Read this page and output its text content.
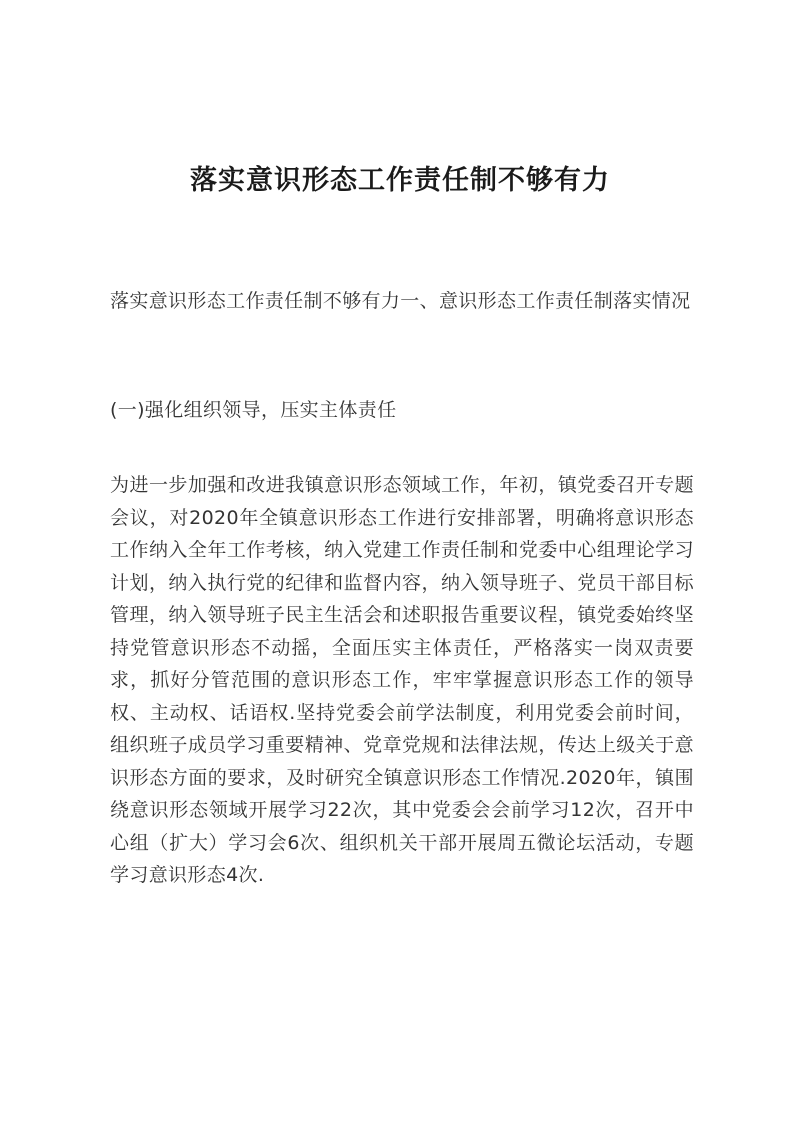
落实意识形态工作责任制不够有力

落实意识形态工作责任制不够有力一、意识形态工作责任制落实情况

(一)强化组织领导，压实主体责任

为进一步加强和改进我镇意识形态领域工作，年初，镇党委召开专题会议，对2020年全镇意识形态工作进行安排部署，明确将意识形态工作纳入全年工作考核，纳入党建工作责任制和党委中心组理论学习计划，纳入执行党的纪律和监督内容，纳入领导班子、党员干部目标管理，纳入领导班子民主生活会和述职报告重要议程，镇党委始终坚持党管意识形态不动摇，全面压实主体责任，严格落实一岗双责要求，抓好分管范围的意识形态工作，牢牢掌握意识形态工作的领导权、主动权、话语权.坚持党委会前学法制度，利用党委会前时间，组织班子成员学习重要精神、党章党规和法律法规，传达上级关于意识形态方面的要求，及时研究全镇意识形态工作情况.2020年，镇围绕意识形态领域开展学习22次，其中党委会会前学习12次，召开中心组（扩大）学习会6次、组织机关干部开展周五微论坛活动，专题学习意识形态4次.
